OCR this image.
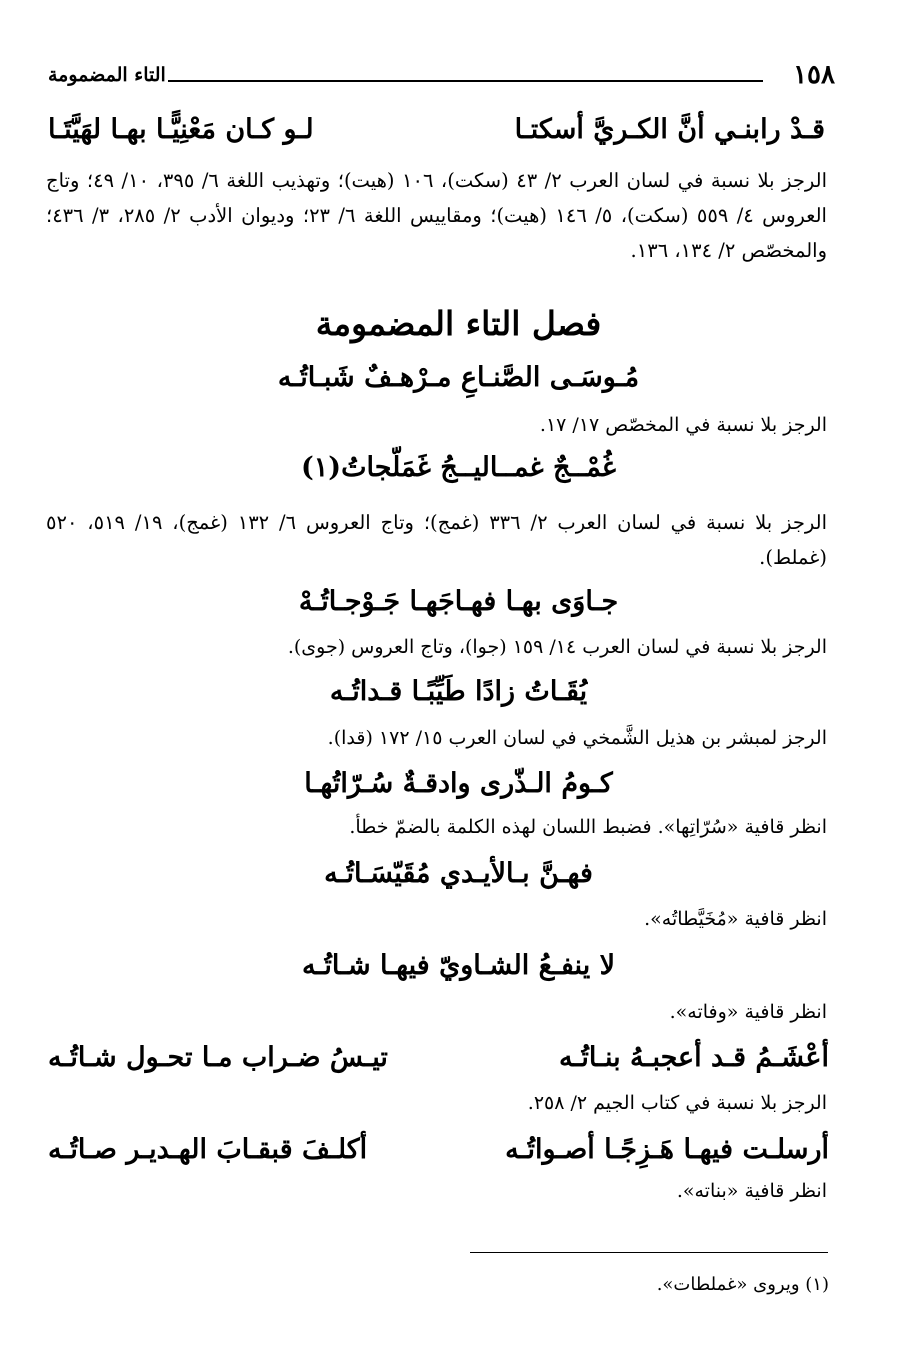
١٥٨
التاء المضمومة
قـدْ رابنـي أنَّ الكـريَّ أسكتـا
لـو كـان مَعْنِيًّـا بهـا لهَيَّتَـا
الرجز بلا نسبة في لسان العرب ٢/ ٤٣ (سكت)، ١٠٦ (هيت)؛ وتهذيب اللغة ٦/ ٣٩٥، ١٠/ ٤٩؛ وتاج العروس ٤/ ٥٥٩ (سكت)، ٥/ ١٤٦ (هيت)؛ ومقاييس اللغة ٦/ ٢٣؛ وديوان الأدب ٢/ ٢٨٥، ٣/ ٤٣٦؛ والمخصّص ٢/ ١٣٤، ١٣٦.
فصل التاء المضمومة
مُـوسَـى الصَّنـاعِ مـرْهـفٌ شَبـاتُـه
الرجز بلا نسبة في المخصّص ١٧/ ١٧.
غُمْــجٌ غمــاليــجُ غَمَلّجاتُ(١)
الرجز بلا نسبة في لسان العرب ٢/ ٣٣٦ (غمج)؛ وتاج العروس ٦/ ١٣٢ (غمج)، ١٩/ ٥١٩، ٥٢٠ (غملط).
جـاوَى بهـا فهـاجَهـا جَـوْجـاتُـهْ
الرجز بلا نسبة في لسان العرب ١٤/ ١٥٩ (جوا)، وتاج العروس (جوى).
يُقَـاتُ زادًا طَيِّبًـا قـداتُـه
الرجز لمبشر بن هذيل الشَّمخي في لسان العرب ١٥/ ١٧٢ (قدا).
كـومُ الـذّرى وادقـةٌ سُـرّاتُهـا
انظر قافية «سُرّاتِها». فضبط اللسان لهذه الكلمة بالضمّ خطأ.
فهـنَّ بـالأيـدي مُقَيّسَـاتُـه
انظر قافية «مُخَيَّطاتُه».
لا ينفـعُ الشـاويّ فيهـا شـاتُـه
انظر قافية «وفاته».
أعْشَـمُ قـد أعجبـهُ بنـاتُـه
تيـسُ ضـراب مـا تحـول شـاتُـه
الرجز بلا نسبة في كتاب الجيم ٢/ ٢٥٨.
أرسلـت فيهـا هَـزِجًـا أصـواتُـه
أكلـفَ قبقـابَ الهـديـر صـاتُـه
انظر قافية «بناته».
(١) ويروى «غملطات».
